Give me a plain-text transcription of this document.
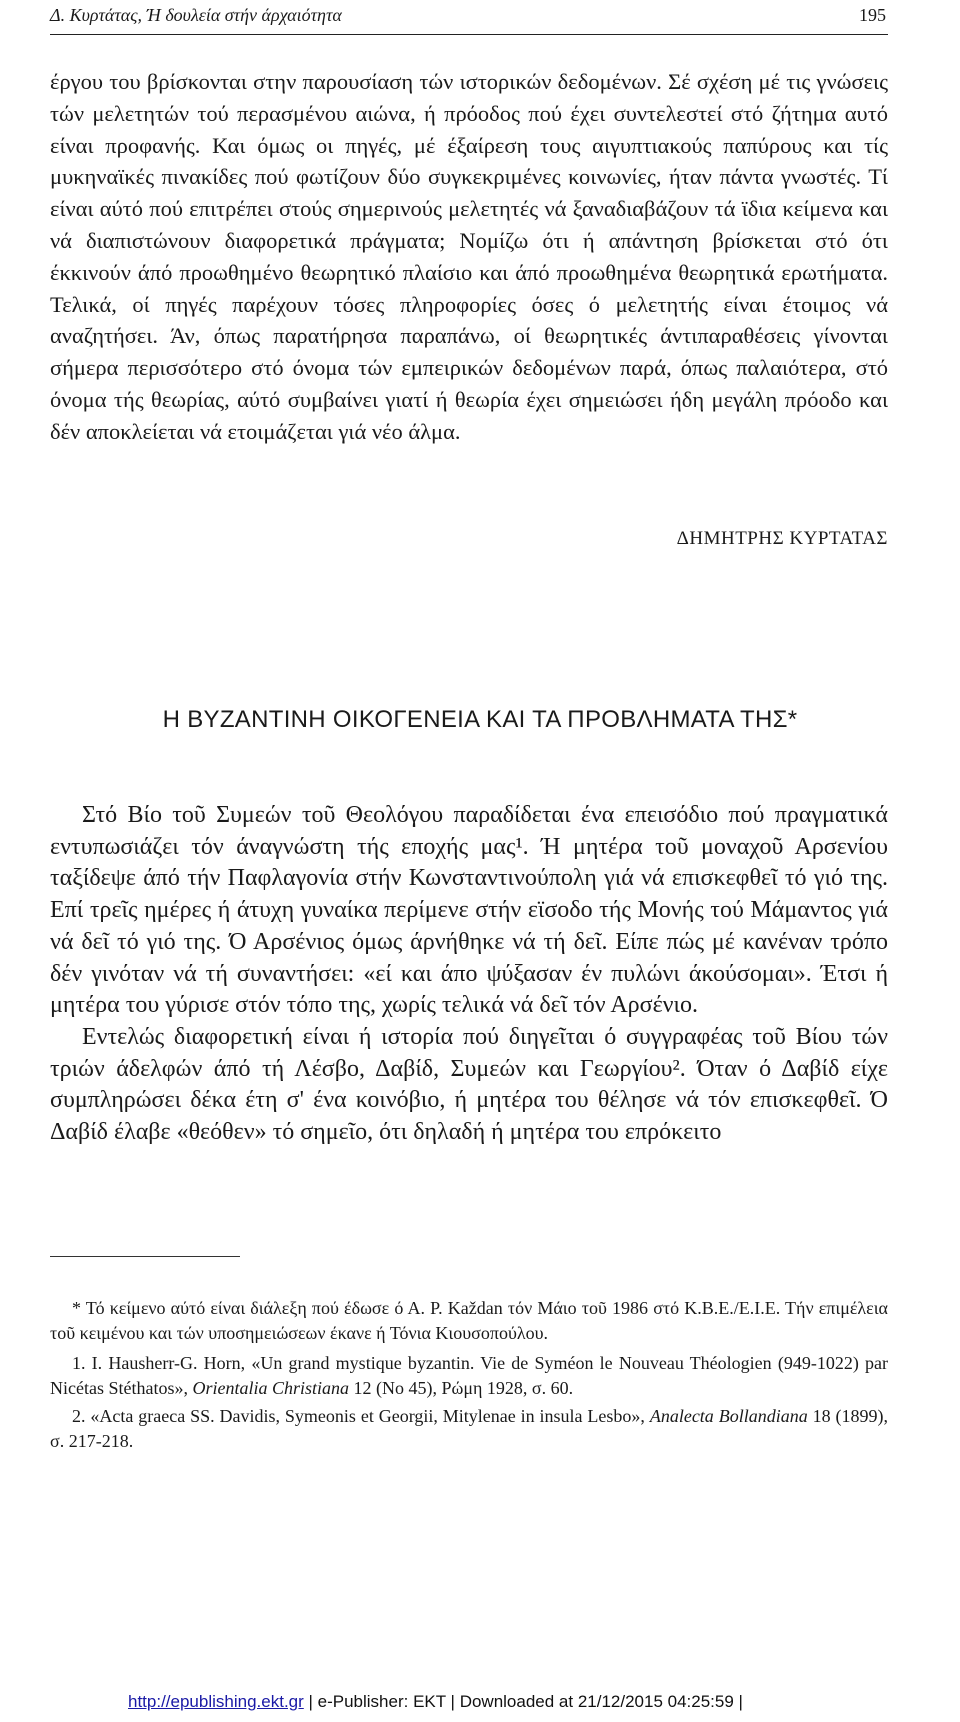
Δ. Κυρτάτας, Ή δουλεία στήν άρχαιότητα	195

έργου του βρίσκονται στην παρουσίαση τών ιστορικών δεδομένων. Σέ σχέση μέ τις γνώσεις τών μελετητών τού περασμένου αιώνα, ή πρόοδος πού έχει συντελεστεί στό ζήτημα αυτό είναι προφανής. Και όμως οι πηγές, μέ έξαίρεση τους αιγυπτιακούς παπύρους και τίς μυκηναϊκές πινακίδες πού φωτίζουν δύο συγκεκριμένες κοινωνίες, ήταν πάντα γνωστές. Τί είναι αύτό πού επιτρέπει στούς σημερινούς μελετητές νά ξαναδιαβάζουν τά ϊδια κείμενα και νά διαπιστώνουν διαφορετικά πράγματα; Νομίζω ότι ή απάντηση βρίσκεται στό ότι έκκινούν άπό προωθημένο θεωρητικό πλαίσιο και άπό προωθημένα θεωρητικά ερωτήματα. Τελικά, οί πηγές παρέχουν τόσες πληροφορίες όσες ό μελετητής είναι έτοιμος νά αναζητήσει. Άν, όπως παρατήρησα παραπάνω, οί θεωρητικές άντιπαραθέσεις γίνονται σήμερα περισσότερο στό όνομα τών εμπειρικών δεδομένων παρά, όπως παλαιότερα, στό όνομα τής θεωρίας, αύτό συμβαίνει γιατί ή θεωρία έχει σημειώσει ήδη μεγάλη πρόοδο και δέν αποκλείεται νά ετοιμάζεται γιά νέο άλμα.

ΔΗΜΗΤΡΗΣ ΚΥΡΤΑΤΑΣ
Η ΒΥΖΑΝΤΙΝΗ ΟΙΚΟΓΕΝΕΙΑ ΚΑΙ ΤΑ ΠΡΟΒΛΗΜΑΤΑ ΤΗΣ*

Στό Βίο τοῦ Συμεών τοῦ Θεολόγου παραδίδεται ένα επεισόδιο πού πραγματικά εντυπωσιάζει τόν άναγνώστη τής εποχής μας¹. Ή μητέρα τοῦ μοναχοῦ Αρσενίου ταξίδεψε άπό τήν Παφλαγονία στήν Κωνσταντινούπολη γιά νά επισκεφθεῖ τό γιό της. Επί τρεῖς ημέρες ή άτυχη γυναίκα περίμενε στήν εϊσοδο τής Μονής τού Μάμαντος γιά νά δεῖ τό γιό της. Ό Αρσένιος όμως άρνήθηκε νά τή δεῖ. Είπε πώς μέ κανέναν τρόπο δέν γινόταν νά τή συναντήσει: «εί και άπο ψύξασαν έν πυλώνι άκούσομαι». Έτσι ή μητέρα του γύρισε στόν τόπο της, χωρίς τελικά νά δεῖ τόν Αρσένιο.

Εντελώς διαφορετική είναι ή ιστορία πού διηγεῖται ό συγγραφέας τοῦ Βίου τών τριών άδελφών άπό τή Λέσβο, Δαβίδ, Συμεών και Γεωργίου². Όταν ό Δαβίδ είχε συμπληρώσει δέκα έτη σ' ένα κοινόβιο, ή μητέρα του θέλησε νά τόν επισκεφθεῖ. Ό Δαβίδ έλαβε «θεόθεν» τό σημεῖο, ότι δηλαδή ή μητέρα του επρόκειτο

* Τό κείμενο αύτό είναι διάλεξη πού έδωσε ό Α. Ρ. Každan τόν Μάιο τοῦ 1986 στό Κ.Β.Ε./Ε.Ι.Ε. Τήν επιμέλεια τοῦ κειμένου και τών υποσημειώσεων έκανε ή Τόνια Κιουσοπούλου.

1. I. Hausherr-G. Horn, «Un grand mystique byzantin. Vie de Syméon le Nouveau Théologien (949-1022) par Nicétas Stéthatos», Orientalia Christiana 12 (No 45), Ρώμη 1928, σ. 60.

2. «Acta graeca SS. Davidis, Symeonis et Georgii, Mitylenae in insula Lesbo», Analecta Bollandiana 18 (1899), σ. 217-218.

http://epublishing.ekt.gr | e-Publisher: EKT | Downloaded at 21/12/2015 04:25:59 |
